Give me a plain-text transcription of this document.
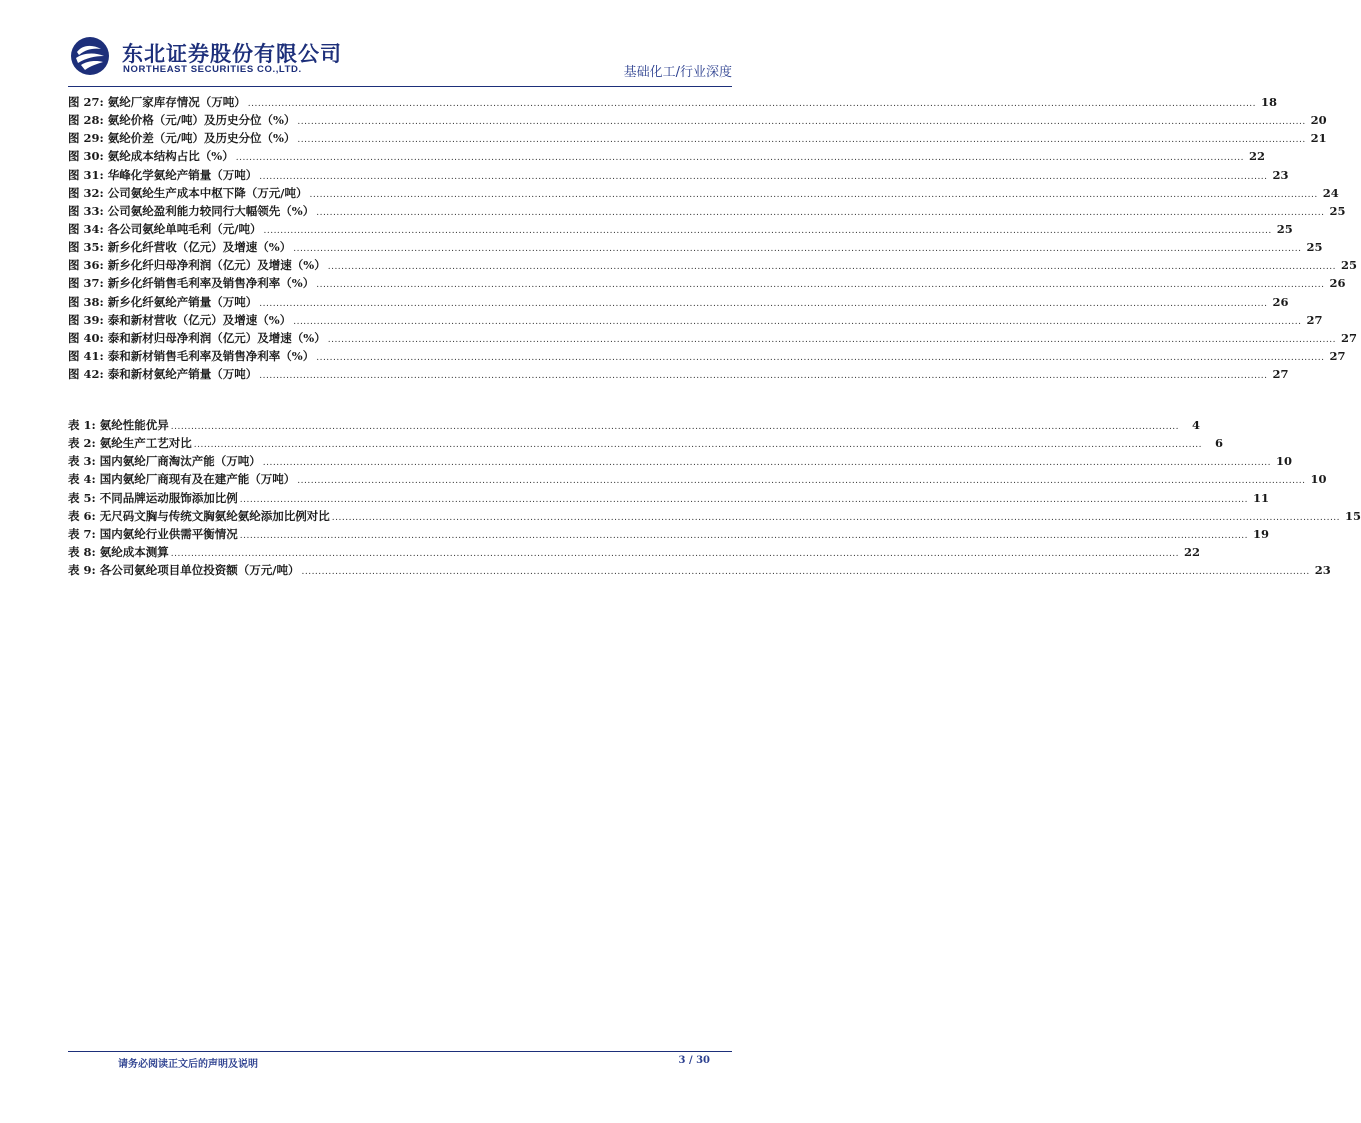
东北证券股份有限公司
NORTHEAST SECURITIES CO.,LTD.	基础化工/行业深度
图 27: 氨纶厂家库存情况（万吨） ............................................................................................................................................................................................................................................................................................................ 18
图 28: 氨纶价格（元/吨）及历史分位（%） ............................................................................................................................................................................................................................................................................................................ 20
图 29: 氨纶价差（元/吨）及历史分位（%） ............................................................................................................................................................................................................................................................................................................ 21
图 30: 氨纶成本结构占比（%） ............................................................................................................................................................................................................................................................................................................ 22
图 31: 华峰化学氨纶产销量（万吨） ............................................................................................................................................................................................................................................................................................................ 23
图 32: 公司氨纶生产成本中枢下降（万元/吨） ............................................................................................................................................................................................................................................................................................................ 24
图 33: 公司氨纶盈利能力较同行大幅领先（%） ............................................................................................................................................................................................................................................................................................................ 25
图 34: 各公司氨纶单吨毛利（元/吨） ............................................................................................................................................................................................................................................................................................................ 25
图 35: 新乡化纤营收（亿元）及增速（%） ............................................................................................................................................................................................................................................................................................................ 25
图 36: 新乡化纤归母净利润（亿元）及增速（%） ............................................................................................................................................................................................................................................................................................................ 25
图 37: 新乡化纤销售毛利率及销售净利率（%） ............................................................................................................................................................................................................................................................................................................ 26
图 38: 新乡化纤氨纶产销量（万吨） ............................................................................................................................................................................................................................................................................................................ 26
图 39: 泰和新材营收（亿元）及增速（%） ............................................................................................................................................................................................................................................................................................................ 27
图 40: 泰和新材归母净利润（亿元）及增速（%） ............................................................................................................................................................................................................................................................................................................ 27
图 41: 泰和新材销售毛利率及销售净利率（%） ............................................................................................................................................................................................................................................................................................................ 27
图 42: 泰和新材氨纶产销量（万吨） ............................................................................................................................................................................................................................................................................................................ 27
表 1: 氨纶性能优异 ............................................................................................................................................................................................................................................................................................................	4
表 2: 氨纶生产工艺对比 ............................................................................................................................................................................................................................................................................................................	6
表 3: 国内氨纶厂商淘汰产能（万吨） ............................................................................................................................................................................................................................................................................................................ 10
表 4: 国内氨纶厂商现有及在建产能（万吨） ............................................................................................................................................................................................................................................................................................................ 10
表 5: 不同品牌运动服饰添加比例 ............................................................................................................................................................................................................................................................................................................ 11
表 6: 无尺码文胸与传统文胸氨纶氨纶添加比例对比 ............................................................................................................................................................................................................................................................................................................ 15
表 7: 国内氨纶行业供需平衡情况 ............................................................................................................................................................................................................................................................................................................ 19
表 8: 氨纶成本测算 ............................................................................................................................................................................................................................................................................................................ 22
表 9: 各公司氨纶项目单位投资额（万元/吨） ............................................................................................................................................................................................................................................................................................................ 23
请务必阅读正文后的声明及说明	3 / 30
